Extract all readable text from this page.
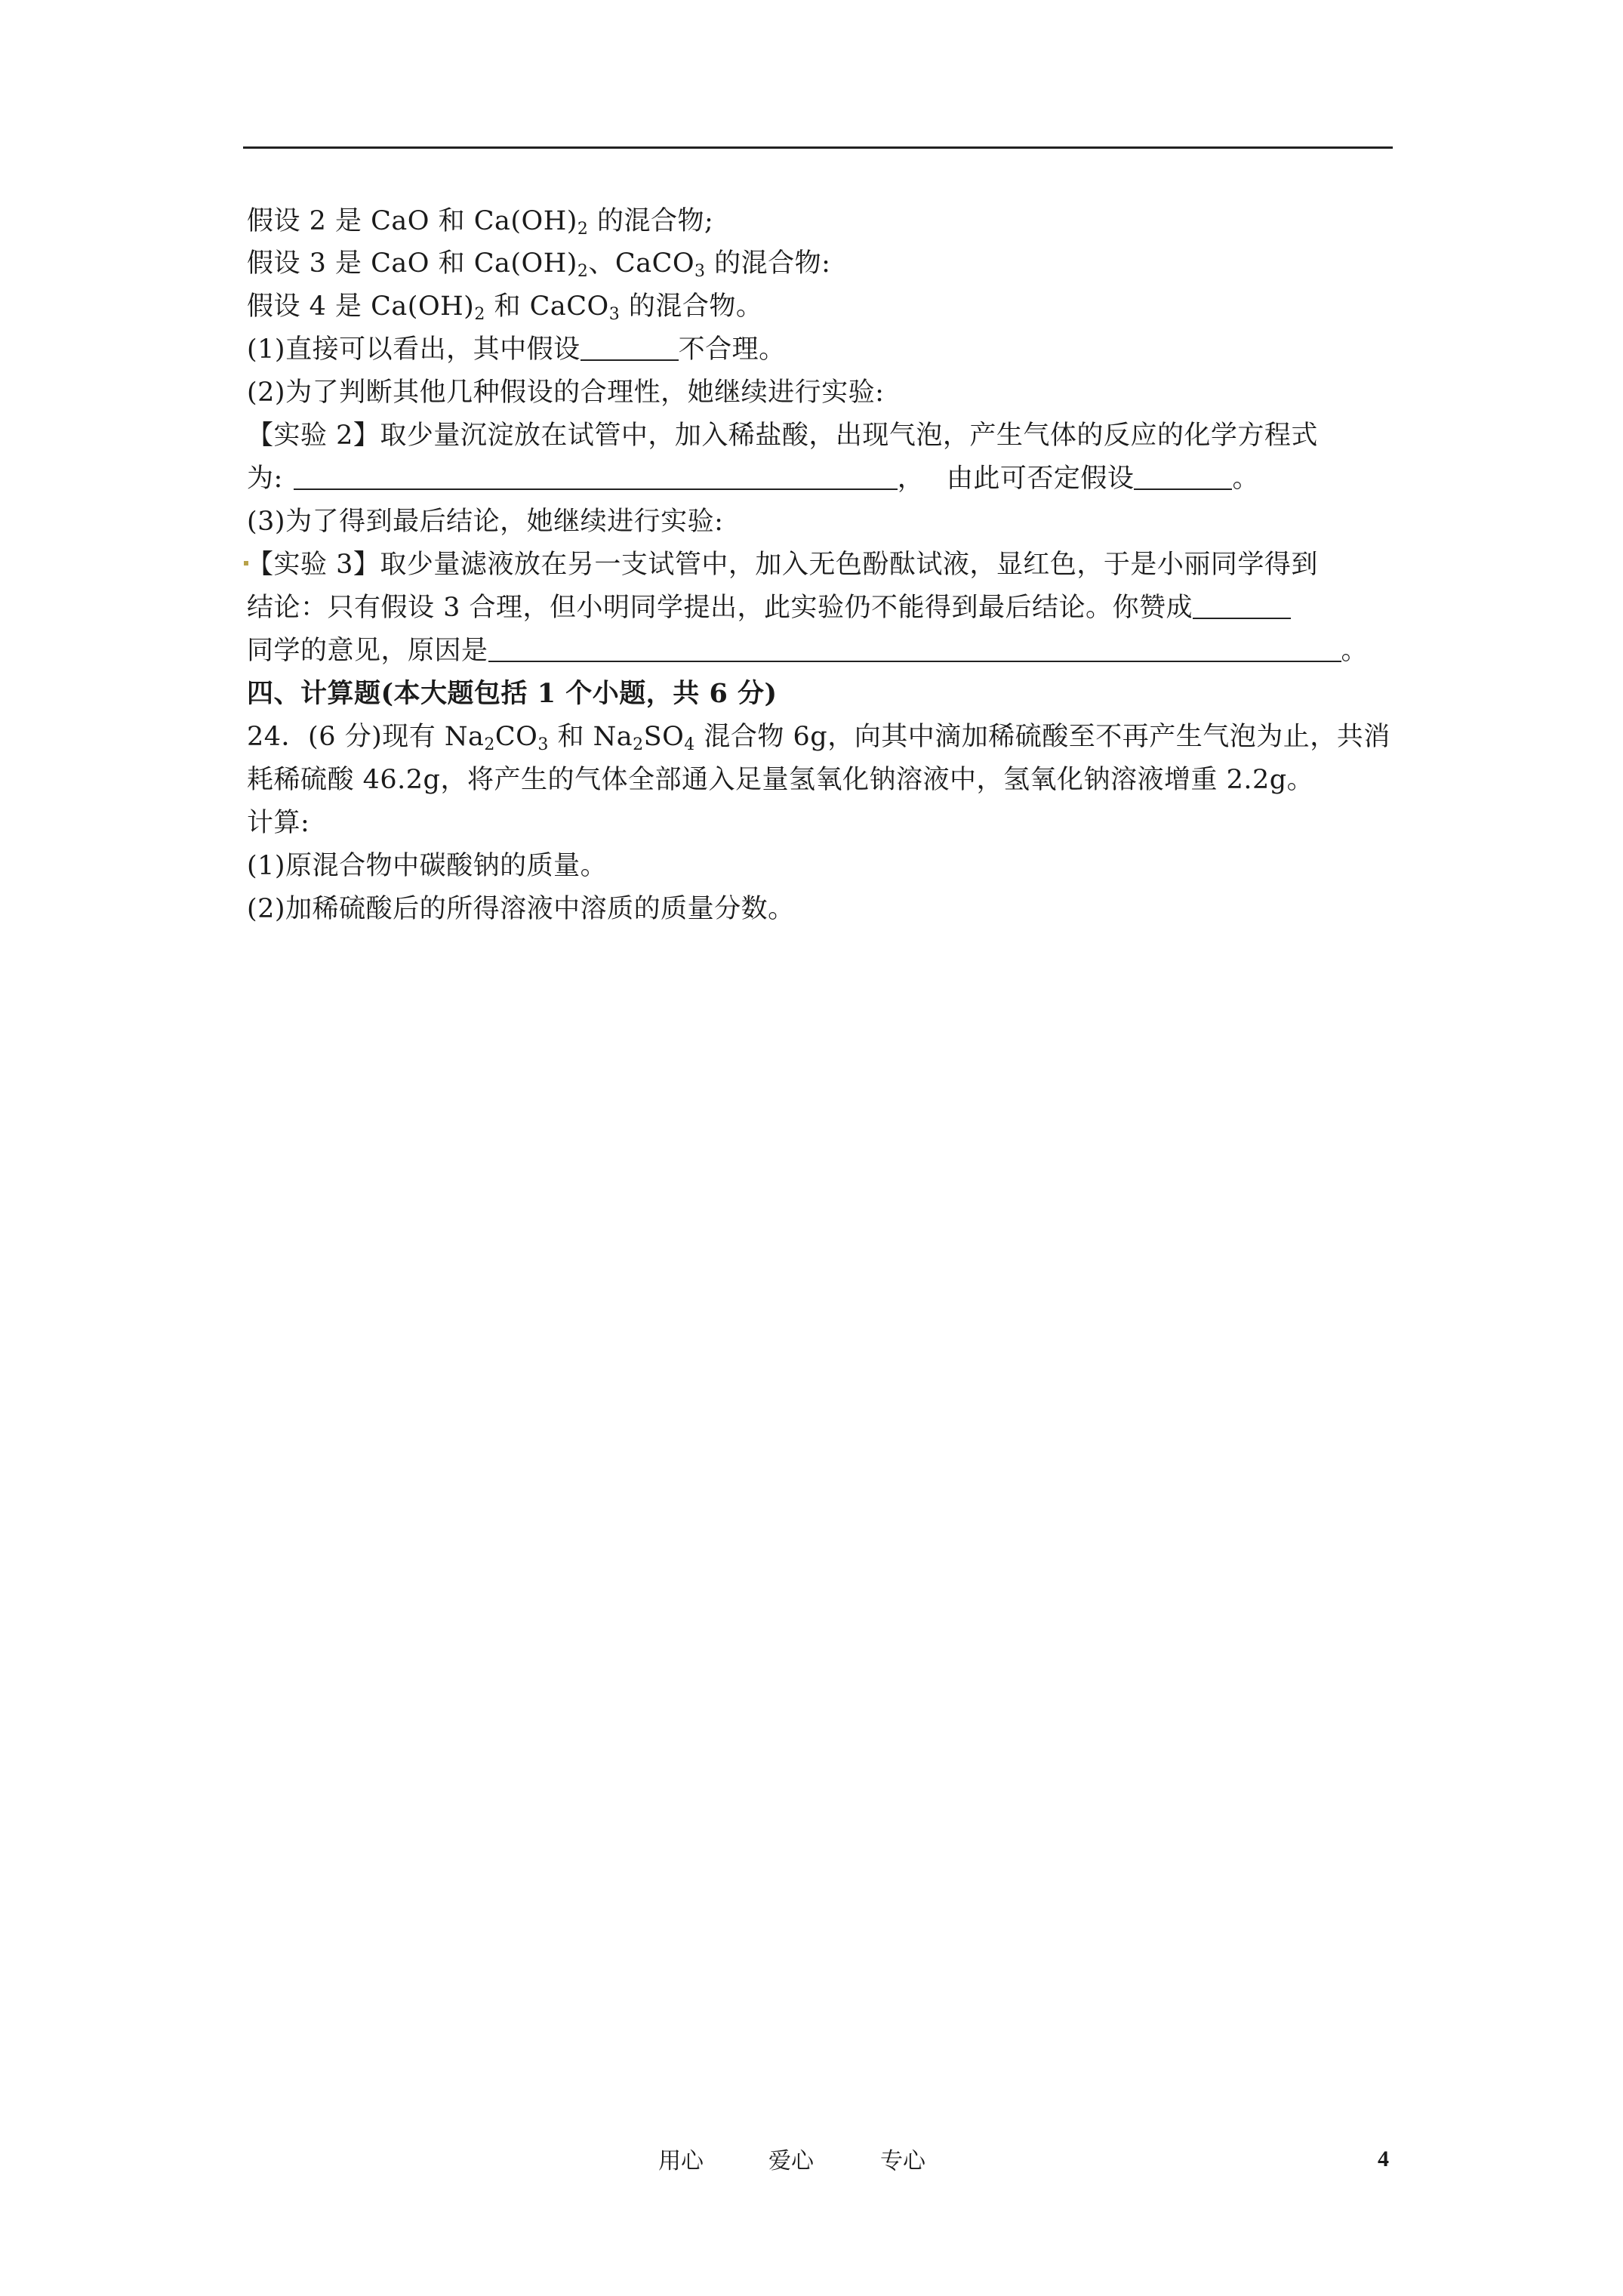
假设 2 是 CaO 和 $Ca(OH)_2$ 的混合物;
假设 3 是 CaO 和 $Ca(OH)_2$、CaCO$_3$ 的混合物:
假设 4 是 $Ca(OH)_2$ 和 CaCO$_3$ 的混合物。
(1)直接可以看出，其中假设	不合理。
(2)为了判断其他几种假设的合理性，她继续进行实验:
【实验 2】取少量沉淀放在试管中，加入稀盐酸，出现气泡，产生气体的反应的化学方程式
为:	，　 由此可否定假设	。
(3)为了得到最后结论，她继续进行实验:
【实验 3】取少量滤液放在另一支试管中，加入无色酚酞试液，显红色，于是小丽同学得到
结论：只有假设 3 合理，但小明同学提出，此实验仍不能得到最后结论。你赞成
同学的意见，原因是	。
四、计算题(本大题包括 1 个小题，共 6 分)
24．(6 分)现有 $Na_2CO_3$ 和 $Na_2SO_4$ 混合物 6g，向其中滴加稀硫酸至不再产生气泡为止，共消
耗稀硫酸 46.2g，将产生的气体全部通入足量氢氧化钠溶液中，氢氧化钠溶液增重 2.2g。
计算:
(1)原混合物中碳酸钠的质量。
(2)加稀硫酸后的所得溶液中溶质的质量分数。
用心	爱心	专心	4
